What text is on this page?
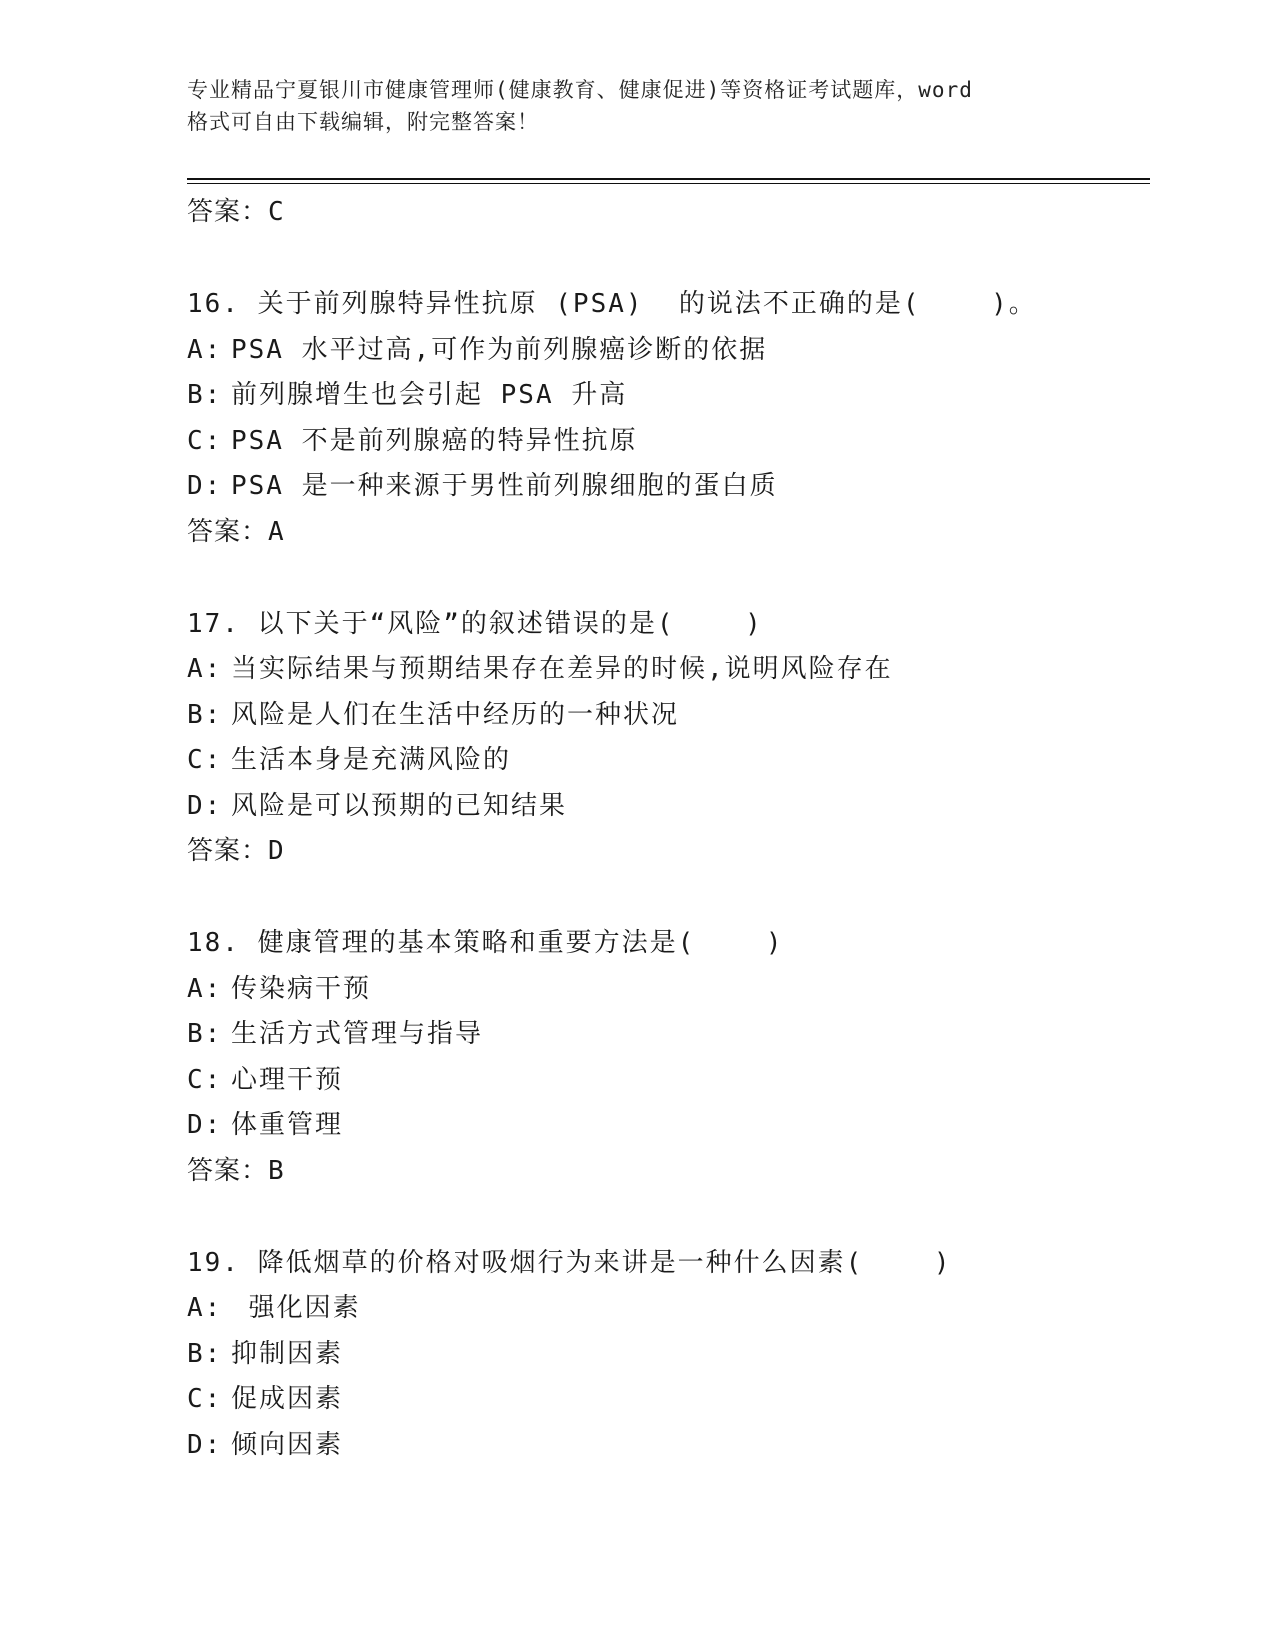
专业精品宁夏银川市健康管理师(健康教育、健康促进)等资格证考试题库，word
格式可自由下载编辑，附完整答案！
答案：C
16. 关于前列腺特异性抗原 (PSA)  的说法不正确的是(    )。
A: PSA 水平过高,可作为前列腺癌诊断的依据
B: 前列腺增生也会引起 PSA 升高
C: PSA 不是前列腺癌的特异性抗原
D: PSA 是一种来源于男性前列腺细胞的蛋白质
答案：A
17. 以下关于“风险”的叙述错误的是(    )
A: 当实际结果与预期结果存在差异的时候,说明风险存在
B: 风险是人们在生活中经历的一种状况
C: 生活本身是充满风险的
D: 风险是可以预期的已知结果
答案：D
18. 健康管理的基本策略和重要方法是(    )
A: 传染病干预
B: 生活方式管理与指导
C: 心理干预
D: 体重管理
答案：B
19. 降低烟草的价格对吸烟行为来讲是一种什么因素(    )
A: 强化因素
B: 抑制因素
C: 促成因素
D: 倾向因素
